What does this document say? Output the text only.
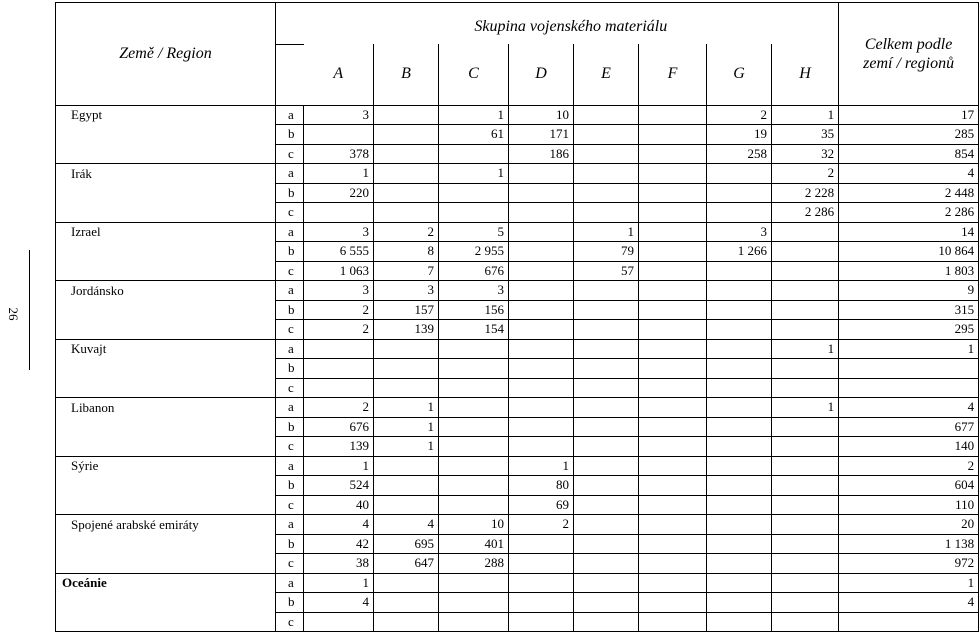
26
Země / Region		Skupina vojenského materiálu								Celkem podle zemí / regionů

		A	B	C	D	E	F	G	H	
Egypt	a	3		1	10			2	1	17
	b			61	171			19	35	285
	c	378			186			258	32	854
Irák	a	1		1					2	4
	b	220							2 228	2 448
	c								2 286	2 286
Izrael	a	3	2	5		1		3		14
	b	6 555	8	2 955		79		1 266		10 864
	c	1 063	7	676		57				1 803
Jordánsko	a	3	3	3						9
	b	2	157	156						315
	c	2	139	154						295
Kuvajt	a								1	1
	b									
	c									
Libanon	a	2	1						1	4
	b	676	1							677
	c	139	1							140
Sýrie	a	1			1					2
	b	524			80					604
	c	40			69					110
Spojené arabské emiráty	a	4	4	10	2					20
	b	42	695	401						1 138
	c	38	647	288						972
Oceánie	a	1								1
	b	4								4
	c									
